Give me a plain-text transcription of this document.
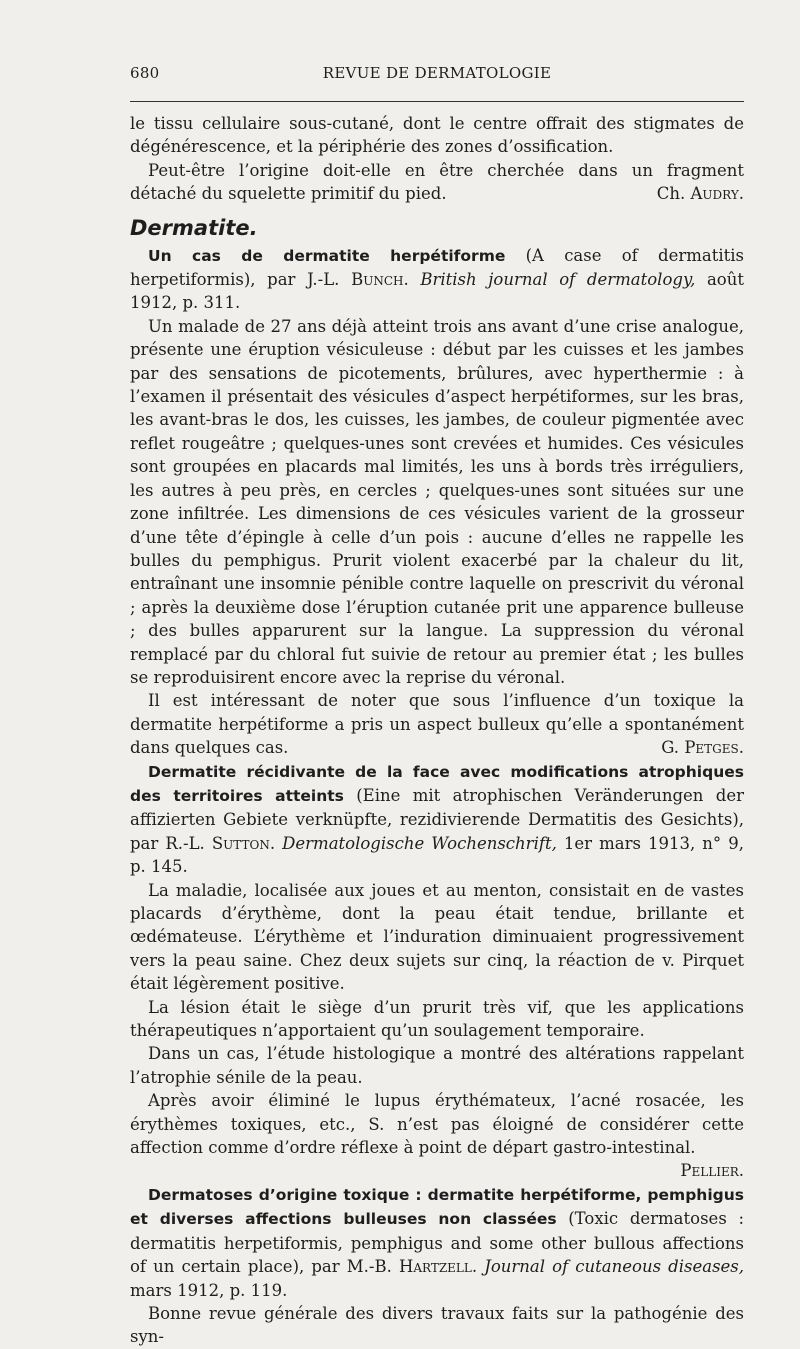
680	REVUE DE DERMATOLOGIE

le tissu cellulaire sous-cutané, dont le centre offrait des stigmates de dégénérescence, et la périphérie des zones d’ossification.

Peut-être l’origine doit-elle en être cherchée dans un fragment détaché du squelette primitif du pied.	Ch. Audry.

Dermatite.

Un cas de dermatite herpétiforme (A case of dermatitis herpetiformis), par J.-L. Bunch. British journal of dermatology, août 1912, p. 311.

Un malade de 27 ans déjà atteint trois ans avant d’une crise analogue, présente une éruption vésiculeuse : début par les cuisses et les jambes par des sensations de picotements, brûlures, avec hyperthermie : à l’examen il présentait des vésicules d’aspect herpétiformes, sur les bras, les avant-bras le dos, les cuisses, les jambes, de couleur pigmentée avec reflet rougeâtre ; quelques-unes sont crevées et humides. Ces vésicules sont groupées en placards mal limités, les uns à bords très irréguliers, les autres à peu près, en cercles ; quelques-unes sont situées sur une zone infiltrée. Les dimensions de ces vésicules varient de la grosseur d’une tête d’épingle à celle d’un pois : aucune d’elles ne rappelle les bulles du pemphigus. Prurit violent exacerbé par la chaleur du lit, entraînant une insomnie pénible contre laquelle on prescrivit du véronal ; après la deuxième dose l’éruption cutanée prit une apparence bulleuse ; des bulles apparurent sur la langue. La suppression du véronal remplacé par du chloral fut suivie de retour au premier état ; les bulles se reproduisirent encore avec la reprise du véronal.

Il est intéressant de noter que sous l’influence d’un toxique la dermatite herpétiforme a pris un aspect bulleux qu’elle a spontanément dans quelques cas.	G. Petges.

Dermatite récidivante de la face avec modifications atrophiques des territoires atteints (Eine mit atrophischen Veränderungen der affizierten Gebiete verknüpfte, rezidivierende Dermatitis des Gesichts), par R.-L. Sutton. Dermatologische Wochenschrift, 1er mars 1913, n° 9, p. 145.

La maladie, localisée aux joues et au menton, consistait en de vastes placards d’érythème, dont la peau était tendue, brillante et œdémateuse. L’érythème et l’induration diminuaient progressivement vers la peau saine. Chez deux sujets sur cinq, la réaction de v. Pirquet était légèrement positive.

La lésion était le siège d’un prurit très vif, que les applications thérapeutiques n’apportaient qu’un soulagement temporaire.

Dans un cas, l’étude histologique a montré des altérations rappelant l’atrophie sénile de la peau.

Après avoir éliminé le lupus érythémateux, l’acné rosacée, les érythèmes toxiques, etc., S. n’est pas éloigné de considérer cette affection comme d’ordre réflexe à point de départ gastro-intestinal.
Pellier.

Dermatoses d’origine toxique : dermatite herpétiforme, pemphigus et diverses affections bulleuses non classées (Toxic dermatoses : dermatitis herpetiformis, pemphigus and some other bullous affections of un certain place), par M.-B. Hartzell. Journal of cutaneous diseases, mars 1912, p. 119.

Bonne revue générale des divers travaux faits sur la pathogénie des syn-
